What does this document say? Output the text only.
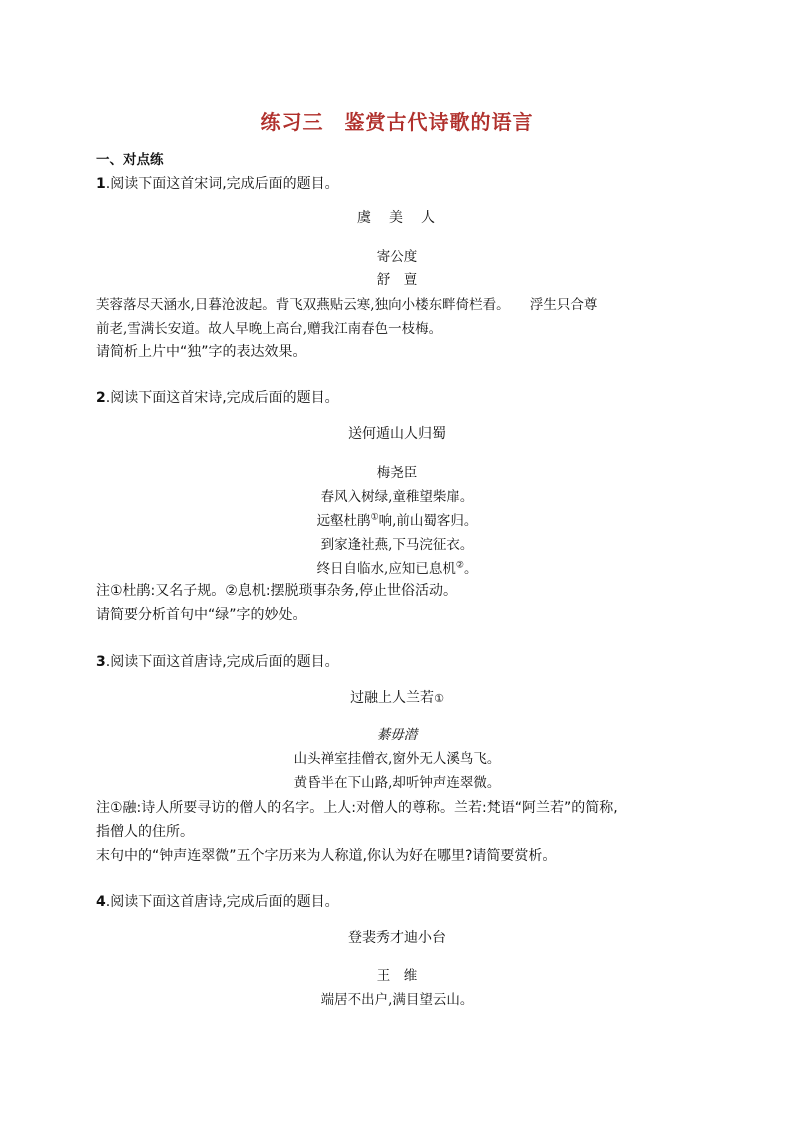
练习三　鉴赏古代诗歌的语言
一、对点练
1.阅读下面这首宋词,完成后面的题目。
虞　美　人
寄公度
舒　亶
芙蓉落尽天涵水,日暮沧波起。背飞双燕贴云寒,独向小楼东畔倚栏看。　　浮生只合尊
前老,雪满长安道。故人早晚上高台,赠我江南春色一枝梅。
请简析上片中“独”字的表达效果。
2.阅读下面这首宋诗,完成后面的题目。
送何遁山人归蜀
梅尧臣
春风入树绿,童稚望柴扉。
远壑杜鹃①响,前山蜀客归。
到家逢社燕,下马浣征衣。
终日自临水,应知已息机②。
注①杜鹃:又名子规。②息机:摆脱琐事杂务,停止世俗活动。
请简要分析首句中“绿”字的妙处。
3.阅读下面这首唐诗,完成后面的题目。
过融上人兰若①
綦毋潜
山头禅室挂僧衣,窗外无人溪鸟飞。
黄昏半在下山路,却听钟声连翠微。
注①融:诗人所要寻访的僧人的名字。上人:对僧人的尊称。兰若:梵语“阿兰若”的简称,
指僧人的住所。
末句中的“钟声连翠微”五个字历来为人称道,你认为好在哪里?请简要赏析。
4.阅读下面这首唐诗,完成后面的题目。
登裴秀才迪小台
王　维
端居不出户,满目望云山。
